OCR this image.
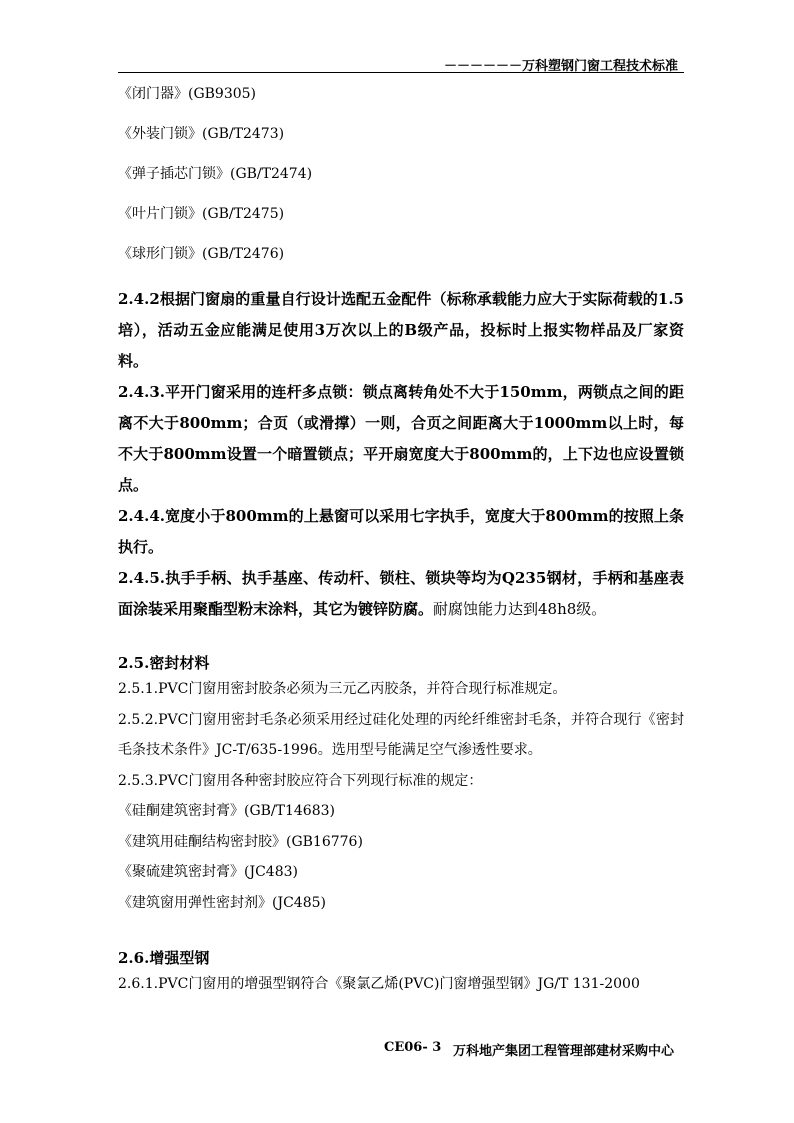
－－－－－－万科塑钢门窗工程技术标准
《闭门器》(GB9305)
《外装门锁》(GB/T2473)
《弹子插芯门锁》(GB/T2474)
《叶片门锁》(GB/T2475)
《球形门锁》(GB/T2476)

2.4.2根据门窗扇的重量自行设计选配五金配件（标称承载能力应大于实际荷载的1.5培），活动五金应能满足使用3万次以上的B级产品，投标时上报实物样品及厂家资料。

2.4.3.平开门窗采用的连杆多点锁：锁点离转角处不大于150mm，两锁点之间的距离不大于800mm；合页（或滑撑）一则，合页之间距离大于1000mm以上时，每不大于800mm设置一个暗置锁点；平开扇宽度大于800mm的，上下边也应设置锁点。

2.4.4.宽度小于800mm的上悬窗可以采用七字执手，宽度大于800mm的按照上条执行。

2.4.5.执手手柄、执手基座、传动杆、锁柱、锁块等均为Q235钢材，手柄和基座表面涂装采用聚酯型粉末涂料，其它为镀锌防腐。耐腐蚀能力达到48h8级。

2.5.密封材料

2.5.1.PVC门窗用密封胶条必须为三元乙丙胶条，并符合现行标准规定。

2.5.2.PVC门窗用密封毛条必须采用经过硅化处理的丙纶纤维密封毛条，并符合现行《密封毛条技术条件》JC-T/635-1996。选用型号能满足空气渗透性要求。

2.5.3.PVC门窗用各种密封胶应符合下列现行标准的规定：

《硅酮建筑密封膏》(GB/T14683)

《建筑用硅酮结构密封胶》(GB16776)

《聚硫建筑密封膏》(JC483)

《建筑窗用弹性密封剂》(JC485)

2.6.增强型钢

2.6.1.PVC门窗用的增强型钢符合《聚氯乙烯(PVC)门窗增强型钢》JG/T 131-2000

CE06- 3 万科地产集团工程管理部建材采购中心
